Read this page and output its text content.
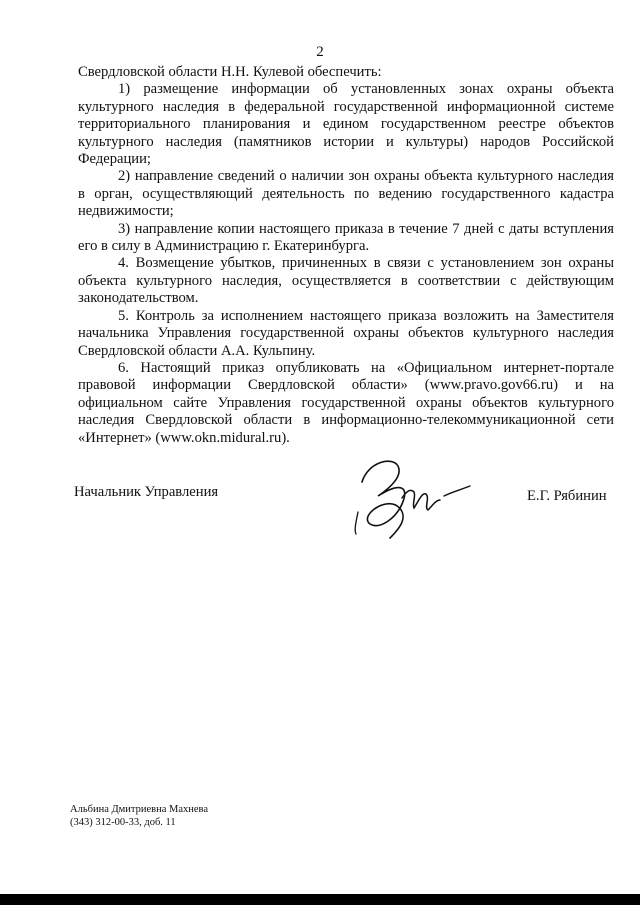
2

Свердловской области Н.Н. Кулевой обеспечить:

1) размещение информации об установленных зонах охраны объекта культурного наследия в федеральной государственной информационной системе территориального планирования и едином государственном реестре объектов культурного наследия (памятников истории и культуры) народов Российской Федерации;

2) направление сведений о наличии зон охраны объекта культурного наследия в орган, осуществляющий деятельность по ведению государственного кадастра недвижимости;

3) направление копии настоящего приказа в течение 7 дней с даты вступления его в силу в Администрацию г. Екатеринбурга.

4. Возмещение убытков, причиненных в связи с установлением зон охраны объекта культурного наследия, осуществляется в соответствии с действующим законодательством.

5. Контроль за исполнением настоящего приказа возложить на Заместителя начальника Управления государственной охраны объектов культурного наследия Свердловской области А.А. Кульпину.

6. Настоящий приказ опубликовать на «Официальном интернет-портале правовой информации Свердловской области» (www.pravo.gov66.ru) и на официальном сайте Управления государственной охраны объектов культурного наследия Свердловской области в информационно-телекоммуникационной сети «Интернет» (www.okn.midural.ru).

Начальник Управления	Е.Г. Рябинин
Альбина Дмитриевна Махнева
(343) 312-00-33, доб. 11
